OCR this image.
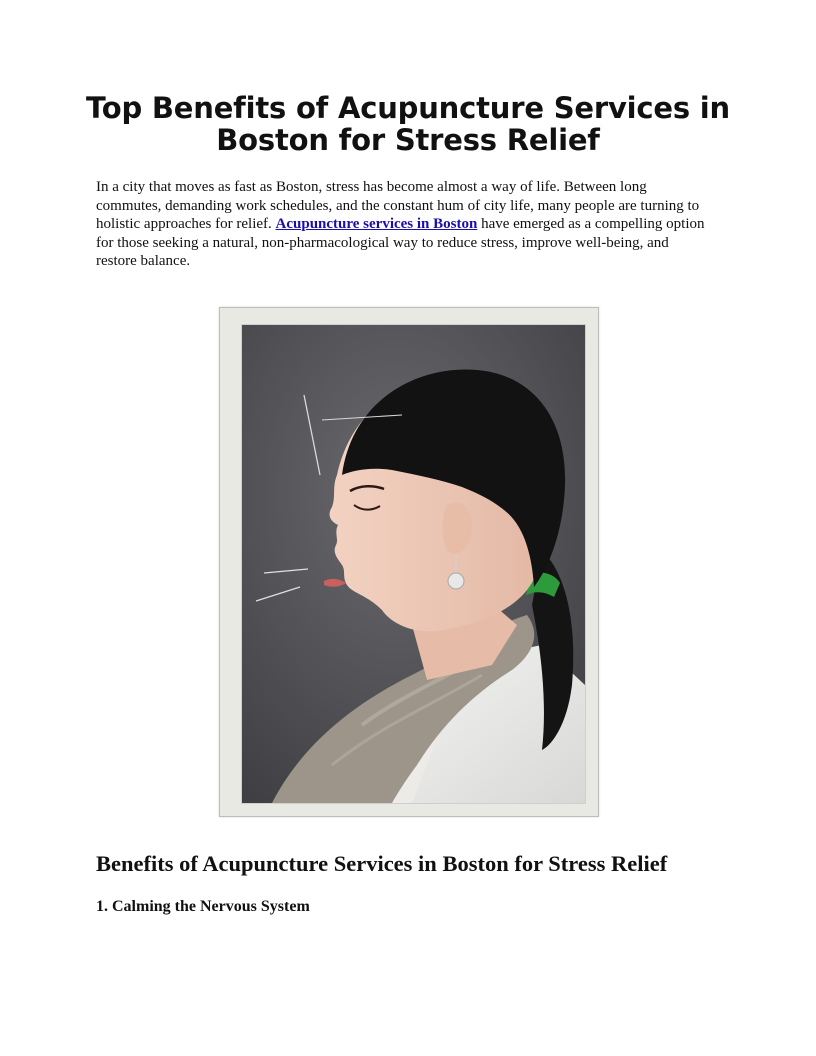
Top Benefits of Acupuncture Services in Boston for Stress Relief

In a city that moves as fast as Boston, stress has become almost a way of life. Between long commutes, demanding work schedules, and the constant hum of city life, many people are turning to holistic approaches for relief. Acupuncture services in Boston have emerged as a compelling option for those seeking a natural, non-pharmacological way to reduce stress, improve well-being, and restore balance.

Benefits of Acupuncture Services in Boston for Stress Relief
1. Calming the Nervous System
